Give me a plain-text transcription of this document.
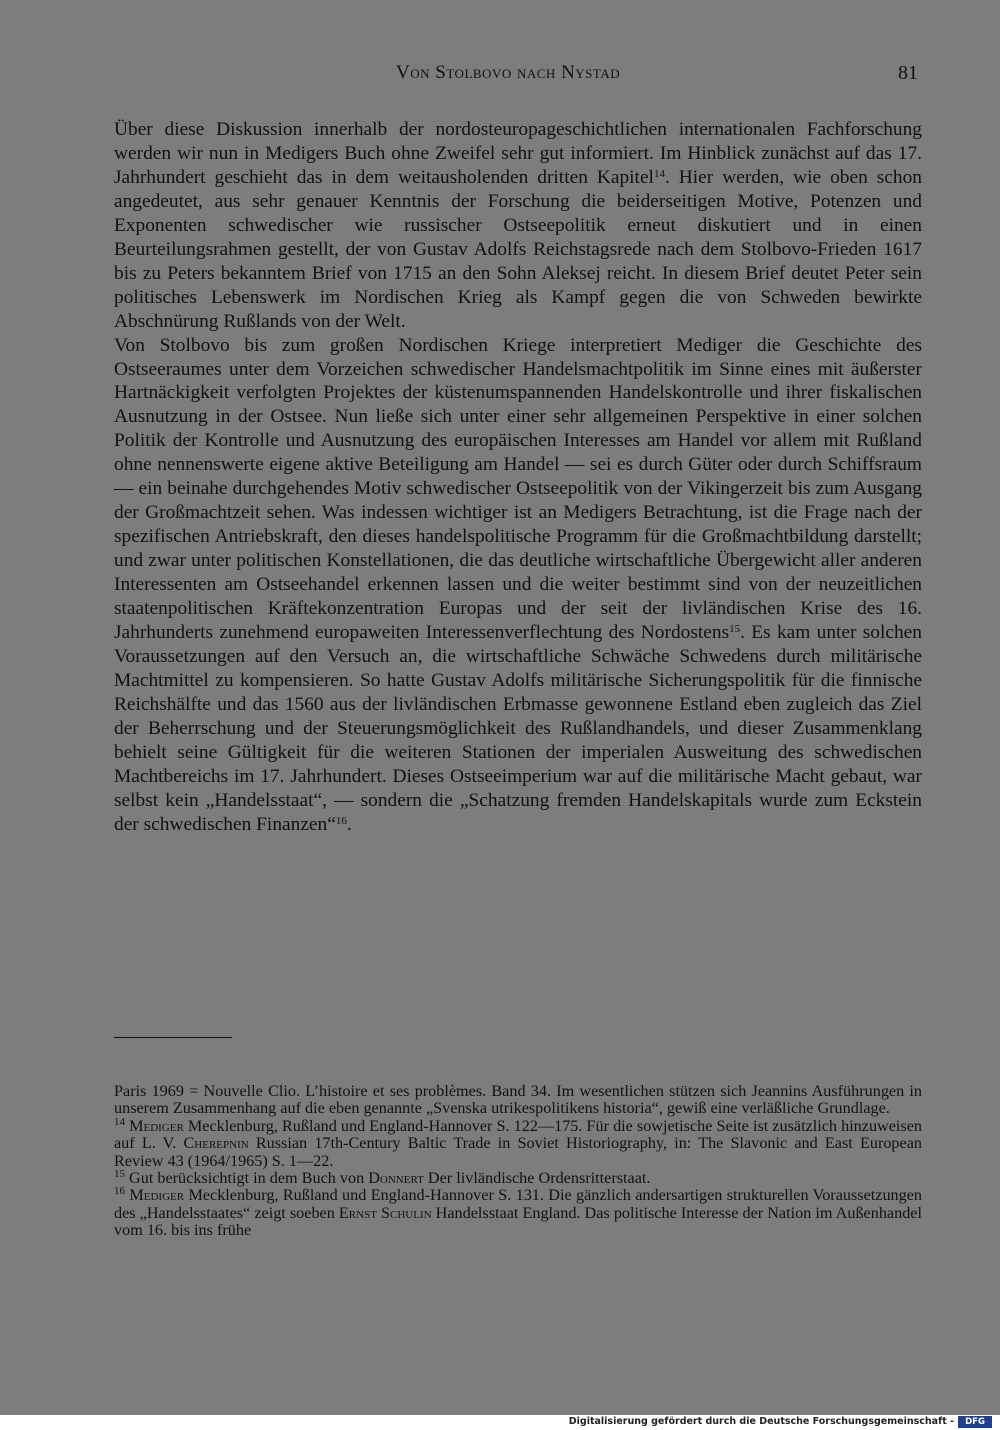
Von Stolbovo nach Nystad	81

Über diese Diskussion innerhalb der nordosteuropageschichtlichen internationalen Fachforschung werden wir nun in Medigers Buch ohne Zweifel sehr gut informiert. Im Hinblick zunächst auf das 17. Jahrhundert geschieht das in dem weitausholenden dritten Kapitel$^{14}$. Hier werden, wie oben schon angedeutet, aus sehr genauer Kenntnis der Forschung die beiderseitigen Motive, Potenzen und Exponenten schwedischer wie russischer Ostseepolitik erneut diskutiert und in einen Beurteilungsrahmen gestellt, der von Gustav Adolfs Reichstagsrede nach dem Stolbovo-Frieden 1617 bis zu Peters bekanntem Brief von 1715 an den Sohn Aleksej reicht. In diesem Brief deutet Peter sein politisches Lebenswerk im Nordischen Krieg als Kampf gegen die von Schweden bewirkte Abschnürung Rußlands von der Welt.

Von Stolbovo bis zum großen Nordischen Kriege interpretiert Mediger die Geschichte des Ostseeraumes unter dem Vorzeichen schwedischer Handelsmachtpolitik im Sinne eines mit äußerster Hartnäckigkeit verfolgten Projektes der küstenumspannenden Handelskontrolle und ihrer fiskalischen Ausnutzung in der Ostsee. Nun ließe sich unter einer sehr allgemeinen Perspektive in einer solchen Politik der Kontrolle und Ausnutzung des europäischen Interesses am Handel vor allem mit Rußland ohne nennenswerte eigene aktive Beteiligung am Handel — sei es durch Güter oder durch Schiffsraum — ein beinahe durchgehendes Motiv schwedischer Ostseepolitik von der Vikingerzeit bis zum Ausgang der Großmachtzeit sehen. Was indessen wichtiger ist an Medigers Betrachtung, ist die Frage nach der spezifischen Antriebskraft, den dieses handelspolitische Programm für die Großmachtbildung darstellt; und zwar unter politischen Konstellationen, die das deutliche wirtschaftliche Übergewicht aller anderen Interessenten am Ostseehandel erkennen lassen und die weiter bestimmt sind von der neuzeitlichen staatenpolitischen Kräftekonzentration Europas und der seit der livländischen Krise des 16. Jahrhunderts zunehmend europaweiten Interessenverflechtung des Nordostens$^{15}$. Es kam unter solchen Voraussetzungen auf den Versuch an, die wirtschaftliche Schwäche Schwedens durch militärische Machtmittel zu kompensieren. So hatte Gustav Adolfs militärische Sicherungspolitik für die finnische Reichshälfte und das 1560 aus der livländischen Erbmasse gewonnene Estland eben zugleich das Ziel der Beherrschung und der Steuerungsmöglichkeit des Rußlandhandels, und dieser Zusammenklang behielt seine Gültigkeit für die weiteren Stationen der imperialen Ausweitung des schwedischen Machtbereichs im 17. Jahrhundert. Dieses Ostseeimperium war auf die militärische Macht gebaut, war selbst kein „Handelsstaat“, — sondern die „Schatzung fremden Handelskapitals wurde zum Eckstein der schwedischen Finanzen“$^{16}$.

Paris 1969 = Nouvelle Clio. L’histoire et ses problèmes. Band 34. Im wesentlichen stützen sich Jeannins Ausführungen in unserem Zusammenhang auf die eben genannte „Svenska utrikespolitikens historia“, gewiß eine verläßliche Grundlage.

$^{14}$ Mediger Mecklenburg, Rußland und England-Hannover S. 122—175. Für die sowjetische Seite ist zusätzlich hinzuweisen auf L. V. Cherepnin Russian 17th-Century Baltic Trade in Soviet Historiography, in: The Slavonic and East European Review 43 (1964/1965) S. 1—22.

$^{15}$ Gut berücksichtigt in dem Buch von Donnert Der livländische Ordensritterstaat.

$^{16}$ Mediger Mecklenburg, Rußland und England-Hannover S. 131. Die gänzlich andersartigen strukturellen Voraussetzungen des „Handelsstaates“ zeigt soeben Ernst Schulin Handelsstaat England. Das politische Interesse der Nation im Außenhandel vom 16. bis ins frühe

Digitalisierung gefördert durch die Deutsche Forschungsgemeinschaft -	DFG
